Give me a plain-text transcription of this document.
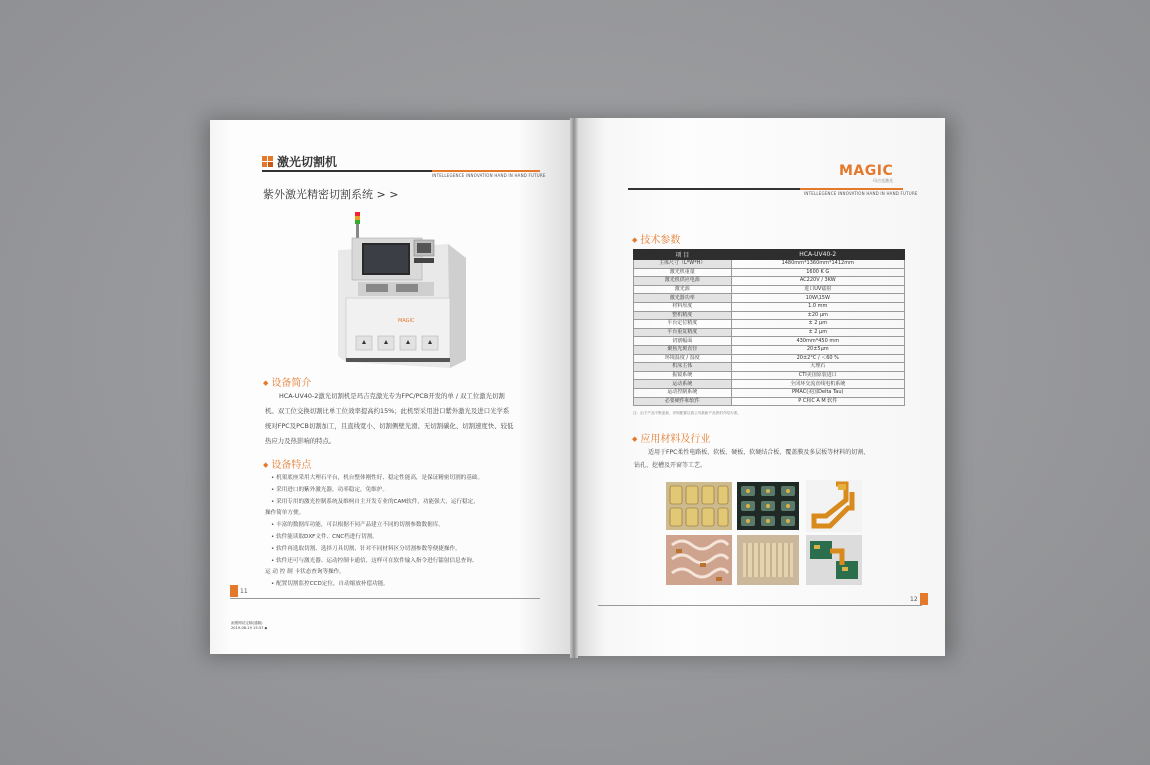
激光切割机
INTELLEGENCE INNOVATION HAND IN HAND FUTURE
紫外激光精密切割系统 > >
MAGIC
◆ 设备简介
HCA-UV40-2激光切割机是玛吉克激光专为FPC/PCB开发的单 / 双工位激光切割
机。双工位交换切割比单工位效率提高约15%；此机型采用进口紫外激光及进口光学系
统对FPC及PCB切割加工，且直线宽小、切割侧壁光滑、无切割碳化、切割速度快、较低
热应力及热影响的特点。
◆ 设备特点
• 机架底座采用大理石平台，机台整体刚性好、稳定性能高，是保证精密切割的基础。
• 采用进口的紫外激光器，功率稳定，免维护。
• 采用专用的激光控制系统及维柯自主开发专业的CAM软件，功能强大，运行稳定，
操作简单方便。
• 丰富的数据库功能，可以根据不同产品建立不同的切割参数数据库。
• 软件能读取DXF文件、CNC档进行切割。
• 软件再选取切割、选择刀具切割、针对不同材料区分切割参数等便捷操作。
• 软件还可与激光器、运动控制卡通信，这样可在软件输入指令进行镭射信息查询、
运 动 控 制 卡状态查询等操作。
• 配置切割监控CCD定位，自动缩放补偿功能。
11
画册网站定稿(通稿)
2019-08-19 15:37 ◆
MAGIC
玛吉克激光
INTELLEGENCE INNOVATION HAND IN HAND FUTURE
◆ 技术参数
项 目	HCA-UV40-2
主体尺寸（L*W*H）	1480mm*1360mm*1412mm
激光机重量	1600 K G
激光机供应电源	AC220V / 3KW
激光源	进口UV镭射
激光器功率	10W\15W
材料厚度	1.0 mm
整机精度	±20 μm
平台定位精度	± 2 μm
平台重复精度	± 2 μm
切割幅面	430mm*450 mm
聚焦光斑直径	20±5μm
环境温度 / 湿度	20±2°C / ＜60 %
机床主体	大理石
振镜系统	CTI美国原装进口
运动系统	全闭环交流直线电机系统
运动控制系统	PMAC(美国Delta Tau)
必要硬件和软件	P C和C A M 软件
注：由于产品不断更新，详细配置以我公司最新产品资料介绍为准。
◆ 应用材料及行业
适用于FPC柔性电路板、软板、硬板、软硬结合板、覆盖膜及多层板等材料的切割、
钻孔、挖槽及开窗等工艺。
12
